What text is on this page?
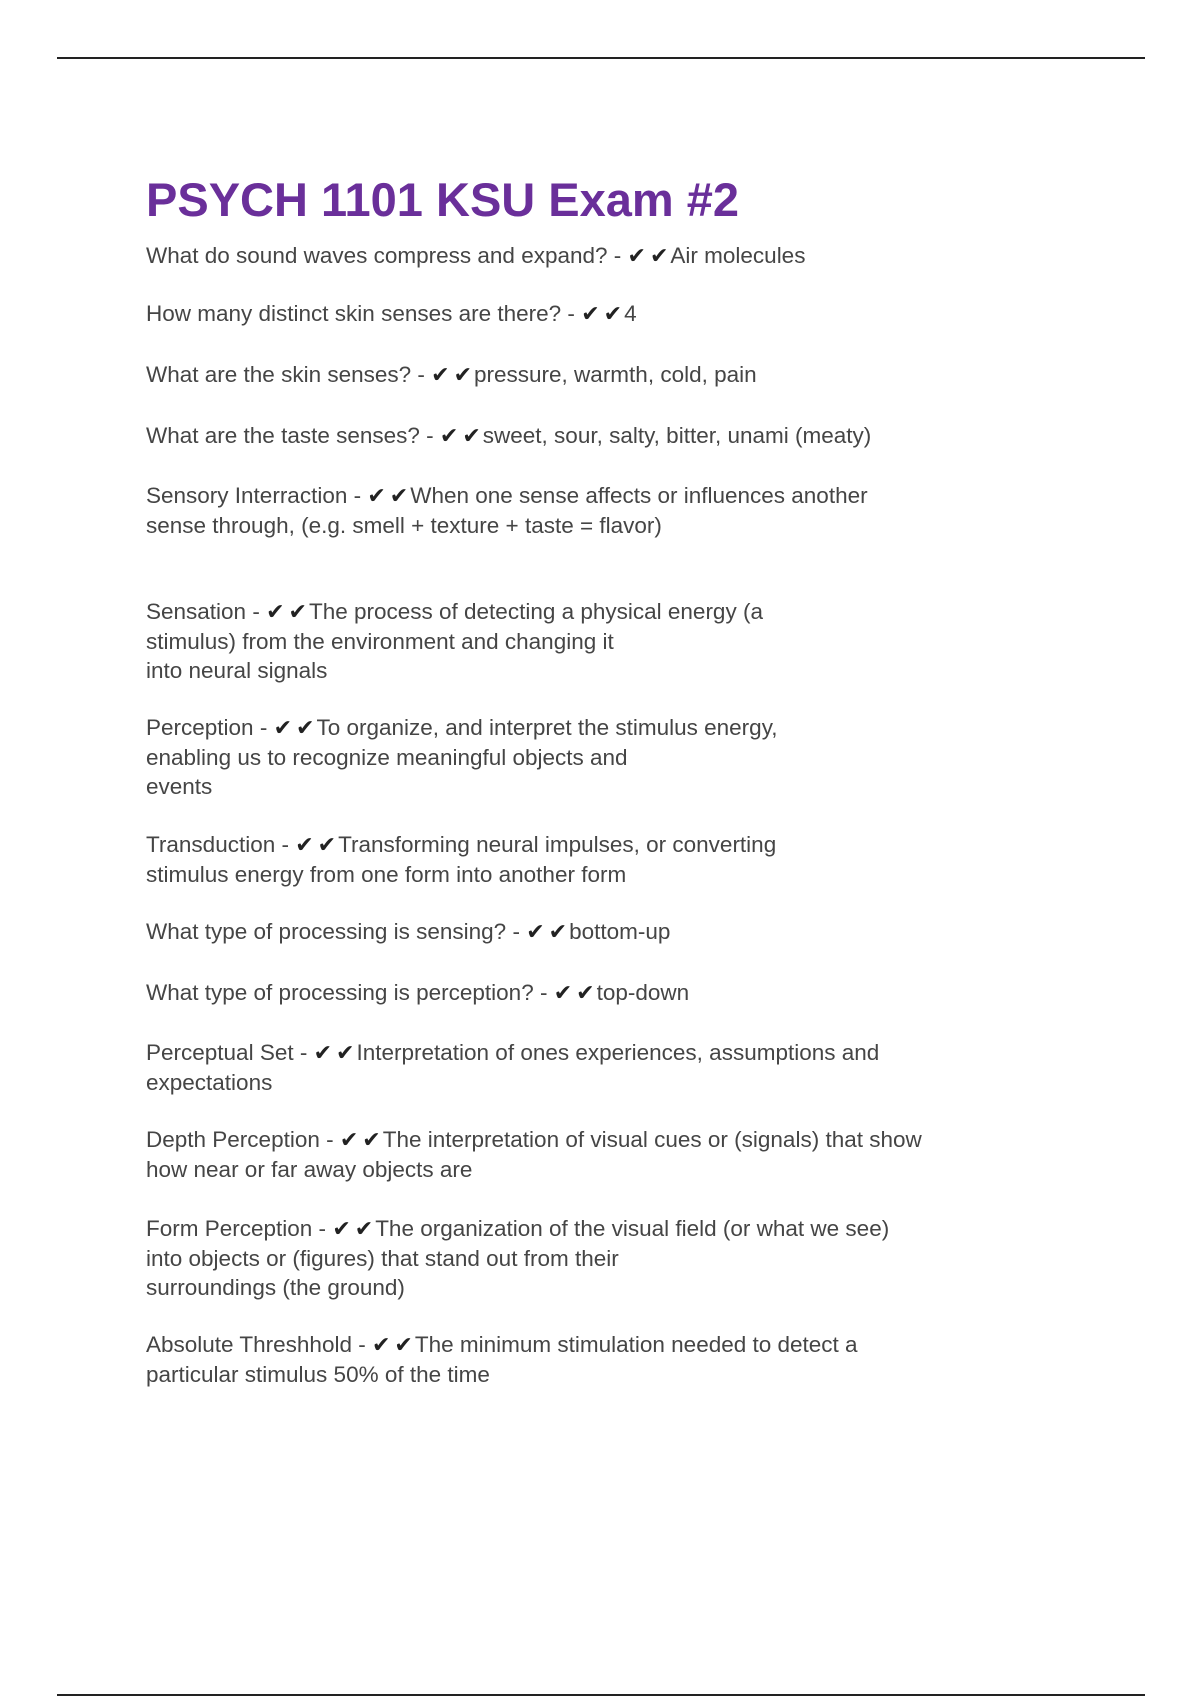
PSYCH 1101 KSU Exam #2

What do sound waves compress and expand? - ✔ ✔Air molecules

How many distinct skin senses are there? - ✔ ✔4

What are the skin senses? - ✔ ✔pressure, warmth, cold, pain

What are the taste senses? - ✔ ✔sweet, sour, salty, bitter, unami (meaty)

Sensory Interraction - ✔ ✔When one sense affects or influences another
sense through, (e.g. smell + texture + taste = flavor)

Sensation - ✔ ✔The process of detecting a physical energy (a
stimulus) from the environment and changing it
into neural signals

Perception - ✔ ✔To organize, and interpret the stimulus energy,
enabling us to recognize meaningful objects and
events

Transduction - ✔ ✔Transforming neural impulses, or converting
stimulus energy from one form into another form

What type of processing is sensing? - ✔ ✔bottom-up

What type of processing is perception? - ✔ ✔top-down

Perceptual Set - ✔ ✔Interpretation of ones experiences, assumptions and
expectations

Depth Perception - ✔ ✔The interpretation of visual cues or (signals) that show
how near or far away objects are

Form Perception - ✔ ✔The organization of the visual field (or what we see)
into objects or (figures) that stand out from their
surroundings (the ground)

Absolute Threshhold - ✔ ✔The minimum stimulation needed to detect a
particular stimulus 50% of the time
